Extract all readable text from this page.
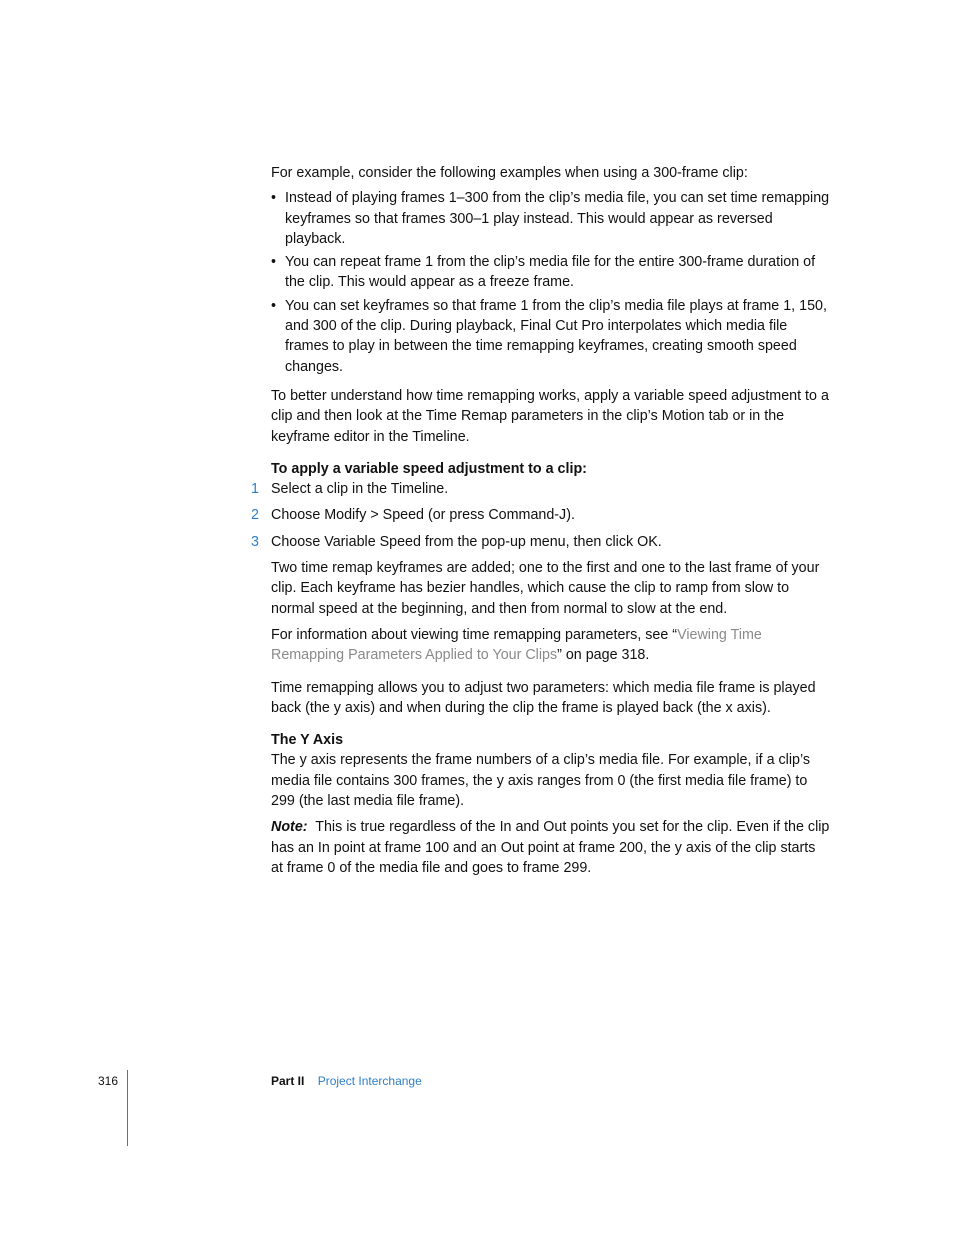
For example, consider the following examples when using a 300-frame clip:

• Instead of playing frames 1–300 from the clip’s media file, you can set time remapping keyframes so that frames 300–1 play instead. This would appear as reversed playback.
• You can repeat frame 1 from the clip’s media file for the entire 300-frame duration of the clip. This would appear as a freeze frame.
• You can set keyframes so that frame 1 from the clip’s media file plays at frame 1, 150, and 300 of the clip. During playback, Final Cut Pro interpolates which media file frames to play in between the time remapping keyframes, creating smooth speed changes.

To better understand how time remapping works, apply a variable speed adjustment to a clip and then look at the Time Remap parameters in the clip’s Motion tab or in the keyframe editor in the Timeline.

To apply a variable speed adjustment to a clip:

1 Select a clip in the Timeline.
2 Choose Modify > Speed (or press Command-J).
3 Choose Variable Speed from the pop-up menu, then click OK.

Two time remap keyframes are added; one to the first and one to the last frame of your clip. Each keyframe has bezier handles, which cause the clip to ramp from slow to normal speed at the beginning, and then from normal to slow at the end.

For information about viewing time remapping parameters, see “Viewing Time Remapping Parameters Applied to Your Clips” on page 318.

Time remapping allows you to adjust two parameters: which media file frame is played back (the y axis) and when during the clip the frame is played back (the x axis).

The Y Axis

The y axis represents the frame numbers of a clip’s media file. For example, if a clip’s media file contains 300 frames, the y axis ranges from 0 (the first media file frame) to 299 (the last media file frame).

Note: This is true regardless of the In and Out points you set for the clip. Even if the clip has an In point at frame 100 and an Out point at frame 200, the y axis of the clip starts at frame 0 of the media file and goes to frame 299.

316	Part II Project Interchange
